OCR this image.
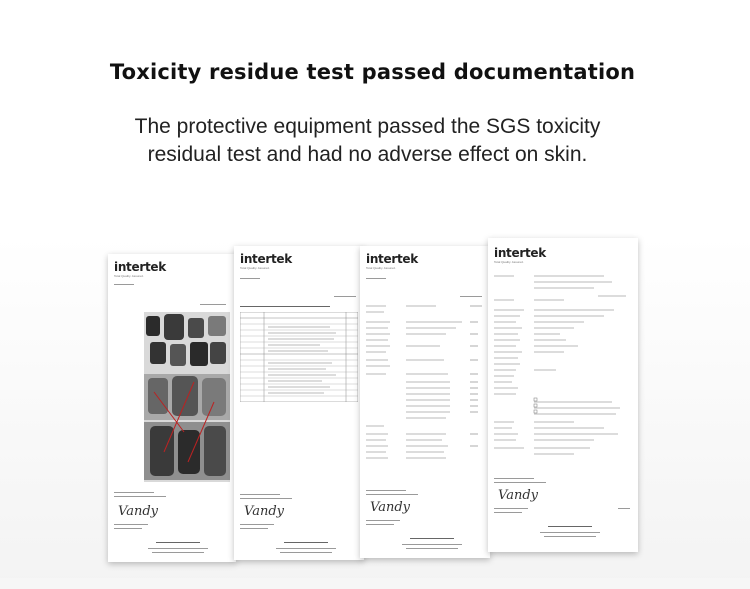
Toxicity residue test passed documentation
The protective equipment passed the SGS toxicity
residual test and had no adverse effect on skin.
intertek
Total Quality. Assured.
Vandy
intertek
Total Quality. Assured.
Vandy
intertek
Total Quality. Assured.
Vandy
intertek
Total Quality. Assured.
Vandy
